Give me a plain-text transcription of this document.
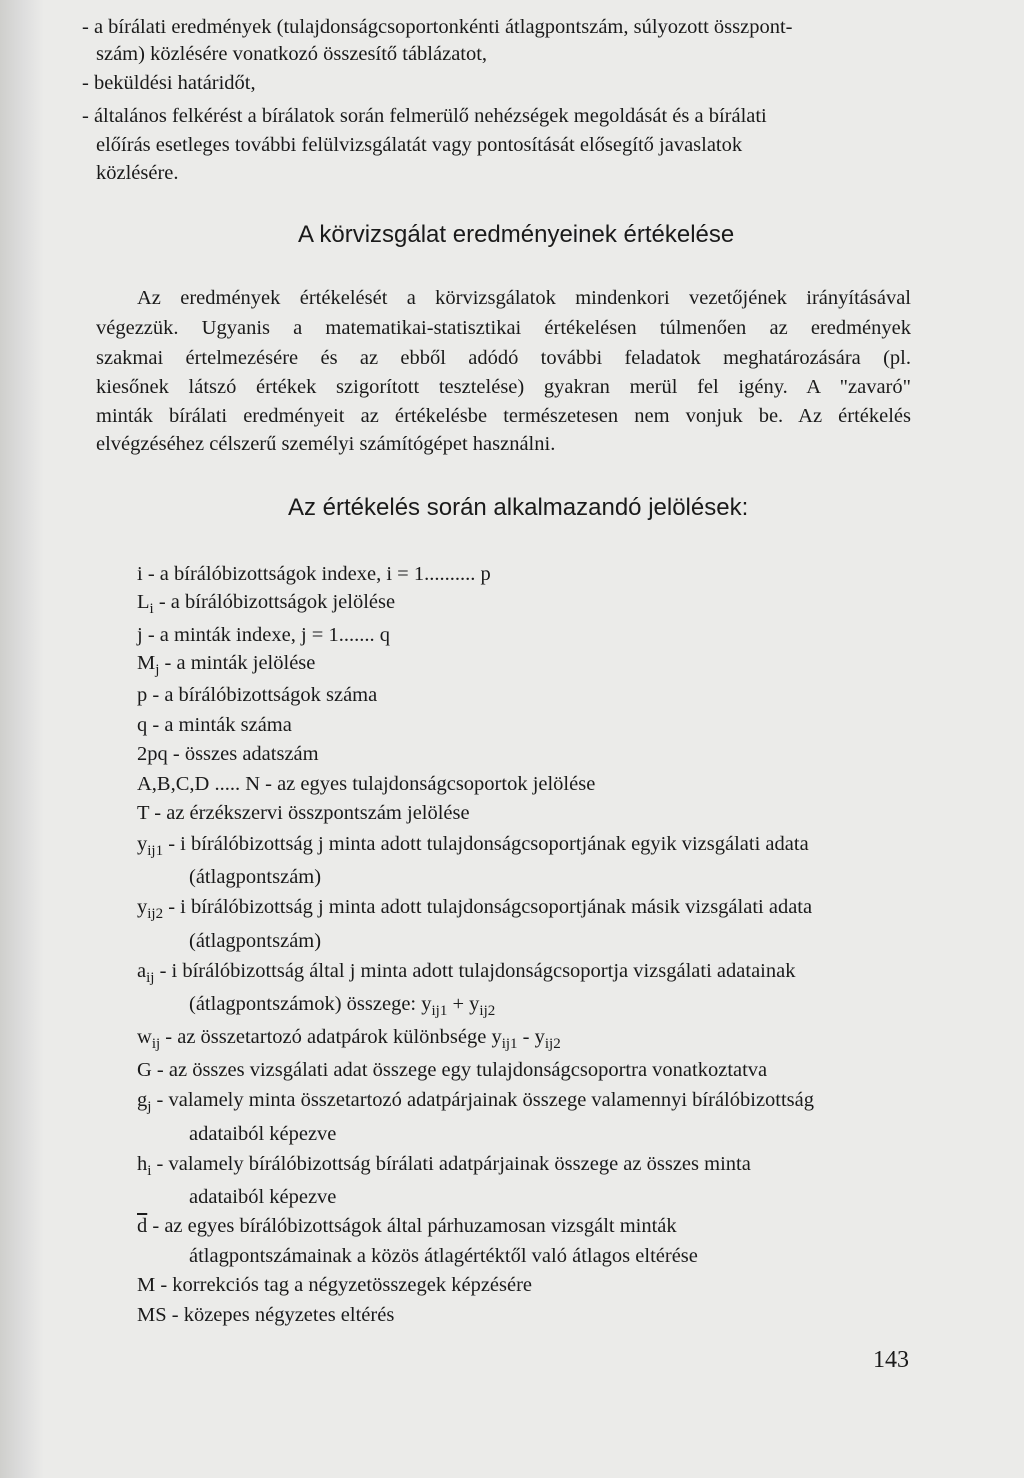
- a bírálati eredmények (tulajdonságcsoportonkénti átlagpontszám, súlyozott összpont-
szám) közlésére vonatkozó összesítő táblázatot,
- beküldési határidőt,
- általános felkérést a bírálatok során felmerülő nehézségek megoldását és a bírálati
előírás esetleges további felülvizsgálatát vagy pontosítását elősegítő javaslatok
közlésére.
A körvizsgálat eredményeinek értékelése
Az eredmények értékelését a körvizsgálatok mindenkori vezetőjének irányításával
végezzük. Ugyanis a matematikai-statisztikai értékelésen túlmenően az eredmények
szakmai értelmezésére és az ebből adódó további feladatok meghatározására (pl.
kiesőnek látszó értékek szigorított tesztelése) gyakran merül fel igény. A "zavaró"
minták bírálati eredményeit az értékelésbe természetesen nem vonjuk be. Az értékelés
elvégzéséhez célszerű személyi számítógépet használni.
Az értékelés során alkalmazandó jelölések:
i - a bírálóbizottságok indexe, i = 1.......... p
$L_i$ - a bírálóbizottságok jelölése
j - a minták indexe, j = 1....... q
$M_j$ - a minták jelölése
p - a bírálóbizottságok száma
q - a minták száma
2pq - összes adatszám
A,B,C,D ..... N - az egyes tulajdonságcsoportok jelölése
T - az érzékszervi összpontszám jelölése
$y_{ij1}$ - i bírálóbizottság j minta adott tulajdonságcsoportjának egyik vizsgálati adata
(átlagpontszám)
$y_{ij2}$ - i bírálóbizottság j minta adott tulajdonságcsoportjának másik vizsgálati adata
(átlagpontszám)
$a_{ij}$ - i bírálóbizottság által j minta adott tulajdonságcsoportja vizsgálati adatainak
(átlagpontszámok) összege: $y_{ij1} + y_{ij2}$
$w_{ij}$ - az összetartozó adatpárok különbsége $y_{ij1} - y_{ij2}$
G - az összes vizsgálati adat összege egy tulajdonságcsoportra vonatkoztatva
$g_j$ - valamely minta összetartozó adatpárjainak összege valamennyi bírálóbizottság
adataiból képezve
$h_i$ - valamely bírálóbizottság bírálati adatpárjainak összege az összes minta
adataiból képezve
$\overline{d}$ - az egyes bírálóbizottságok által párhuzamosan vizsgált minták
átlagpontszámainak a közös átlagértéktől való átlagos eltérése
M - korrekciós tag a négyzetösszegek képzésére
MS - közepes négyzetes eltérés
143
